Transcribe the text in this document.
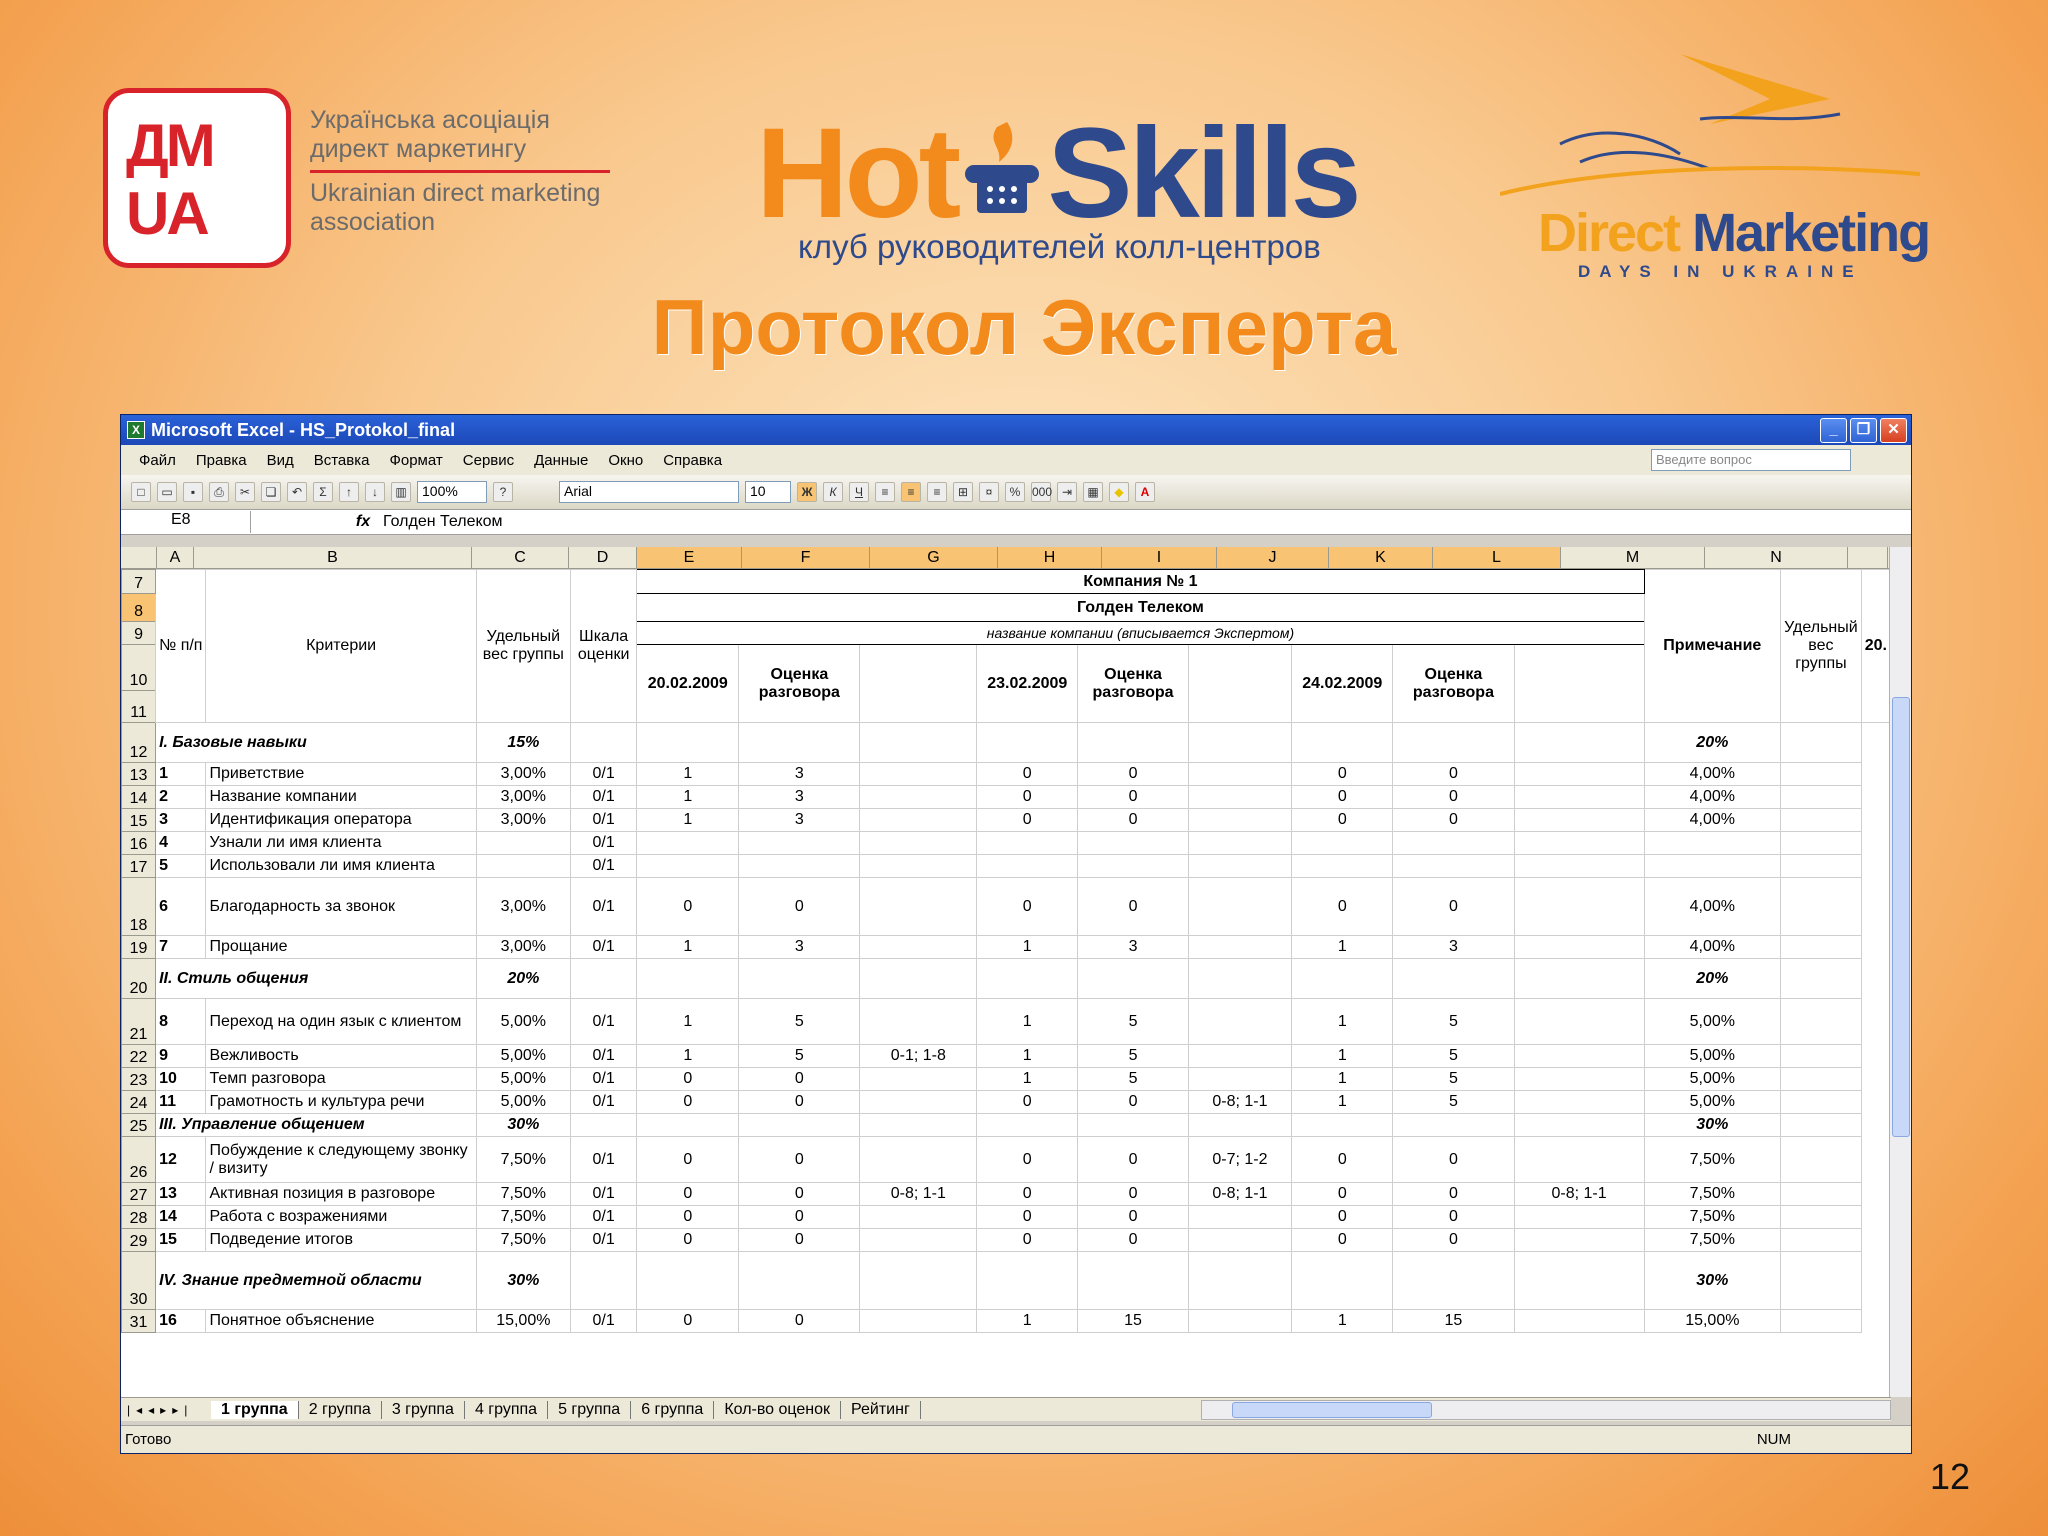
ДМ
UA
Українська асоціація
директ маркетингу
Ukrainian direct marketing
association	Hot Skills
клуб руководителей колл-центров	Direct Marketing
DAYS IN UKRAINE
Протокол Эксперта
X Microsoft Excel - HS_Protokol_final	_	❐	✕
Файл	Правка	Вид	Вставка	Формат	Сервис	Данные	Окно	Справка	Введите вопрос
□	▭	▪	⎙	✂	❏	↶	Σ	↑	↓	▥	100%	?	Arial	10	Ж	К	Ч	≡	≡	≡	⊞	¤	% 000 ⇥	▦	◆	A
E8	fx Голден Телеком
A	B	C	D	E	F	G	H	I	J	K	L	M	N
7	№ п/п	Критерии	Удельный вес группы	Шкала оценки	Компания № 1									Примечание	Удельный вес группы	20.
8					Голден Телеком											
9					название компании (вписывается Экспертом)											
10					20.02.2009	Оценка разговора		23.02.2009	Оценка разговора		24.02.2009	Оценка разговора				
11																
12	I. Базовые навыки		15%											20%		
13	1	Приветствие	3,00%	0/1	1	3		0	0		0	0		4,00%		
14	2	Название компании	3,00%	0/1	1	3		0	0		0	0		4,00%		
15	3	Идентификация оператора	3,00%	0/1	1	3		0	0		0	0		4,00%		
16	4	Узнали ли имя клиента		0/1												
17	5	Использовали ли имя клиента		0/1												
18	6	Благодарность за звонок	3,00%	0/1	0	0		0	0		0	0		4,00%		
19	7	Прощание	3,00%	0/1	1	3		1	3		1	3		4,00%		
20	II. Стиль общения		20%											20%		
21	8	Переход на один язык с клиентом	5,00%	0/1	1	5		1	5		1	5		5,00%		
22	9	Вежливость	5,00%	0/1	1	5	0-1; 1-8	1	5		1	5		5,00%		
23	10	Темп разговора	5,00%	0/1	0	0		1	5		1	5		5,00%		
24	11	Грамотность и культура речи	5,00%	0/1	0	0		0	0	0-8; 1-1	1	5		5,00%		
25	III. Управление общением		30%											30%		
26	12	Побуждение к следующему звонку / визиту	7,50%	0/1	0	0		0	0	0-7; 1-2	0	0		7,50%		
27	13	Активная позиция в разговоре	7,50%	0/1	0	0	0-8; 1-1	0	0	0-8; 1-1	0	0	0-8; 1-1	7,50%		
28	14	Работа с возражениями	7,50%	0/1	0	0		0	0		0	0		7,50%		
29	15	Подведение итогов	7,50%	0/1	0	0		0	0		0	0		7,50%		
30	IV. Знание предметной области		30%											30%		
31	16	Понятное объяснение	15,00%	0/1	0	0		1	15		1	15		15,00%		
|◂◂▸▸|	1 группа	2 группа	3 группа	4 группа	5 группа	6 группа	Кол-во оценок	Рейтинг
Готово	NUM
12
